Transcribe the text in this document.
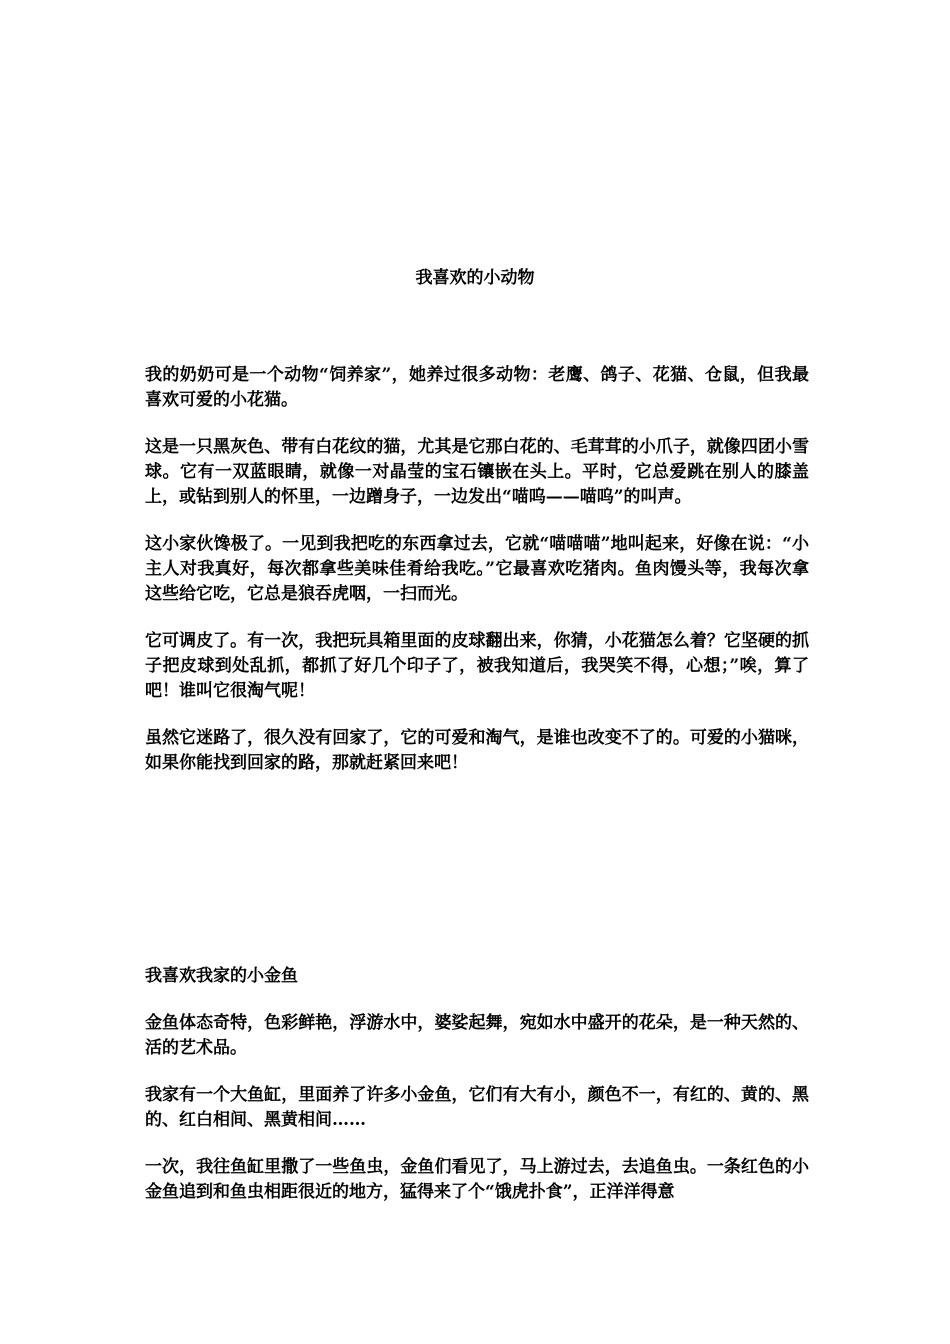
我喜欢的小动物

我的奶奶可是一个动物“饲养家”，她养过很多动物：老鹰、鸽子、花猫、仓鼠，但我最喜欢可爱的小花猫。

这是一只黑灰色、带有白花纹的猫，尤其是它那白花的、毛茸茸的小爪子，就像四团小雪球。它有一双蓝眼睛，就像一对晶莹的宝石镶嵌在头上。平时，它总爱跳在别人的膝盖上，或钻到别人的怀里，一边蹭身子，一边发出“喵呜——喵呜”的叫声。

这小家伙馋极了。一见到我把吃的东西拿过去，它就“喵喵喵”地叫起来，好像在说：“小主人对我真好，每次都拿些美味佳肴给我吃。”它最喜欢吃猪肉。鱼肉馒头等，我每次拿这些给它吃，它总是狼吞虎咽，一扫而光。

它可调皮了。有一次，我把玩具箱里面的皮球翻出来，你猜，小花猫怎么着？它坚硬的抓子把皮球到处乱抓，都抓了好几个印子了，被我知道后，我哭笑不得，心想；”唉，算了吧！谁叫它很淘气呢！

虽然它迷路了，很久没有回家了，它的可爱和淘气，是谁也改变不了的。可爱的小猫咪，如果你能找到回家的路，那就赶紧回来吧！

我喜欢我家的小金鱼

金鱼体态奇特，色彩鲜艳，浮游水中，婆娑起舞，宛如水中盛开的花朵，是一种天然的、活的艺术品。

我家有一个大鱼缸，里面养了许多小金鱼，它们有大有小，颜色不一，有红的、黄的、黑的、红白相间、黑黄相间……

一次，我往鱼缸里撒了一些鱼虫，金鱼们看见了，马上游过去，去追鱼虫。一条红色的小金鱼追到和鱼虫相距很近的地方，猛得来了个“饿虎扑食”，正洋洋得意
